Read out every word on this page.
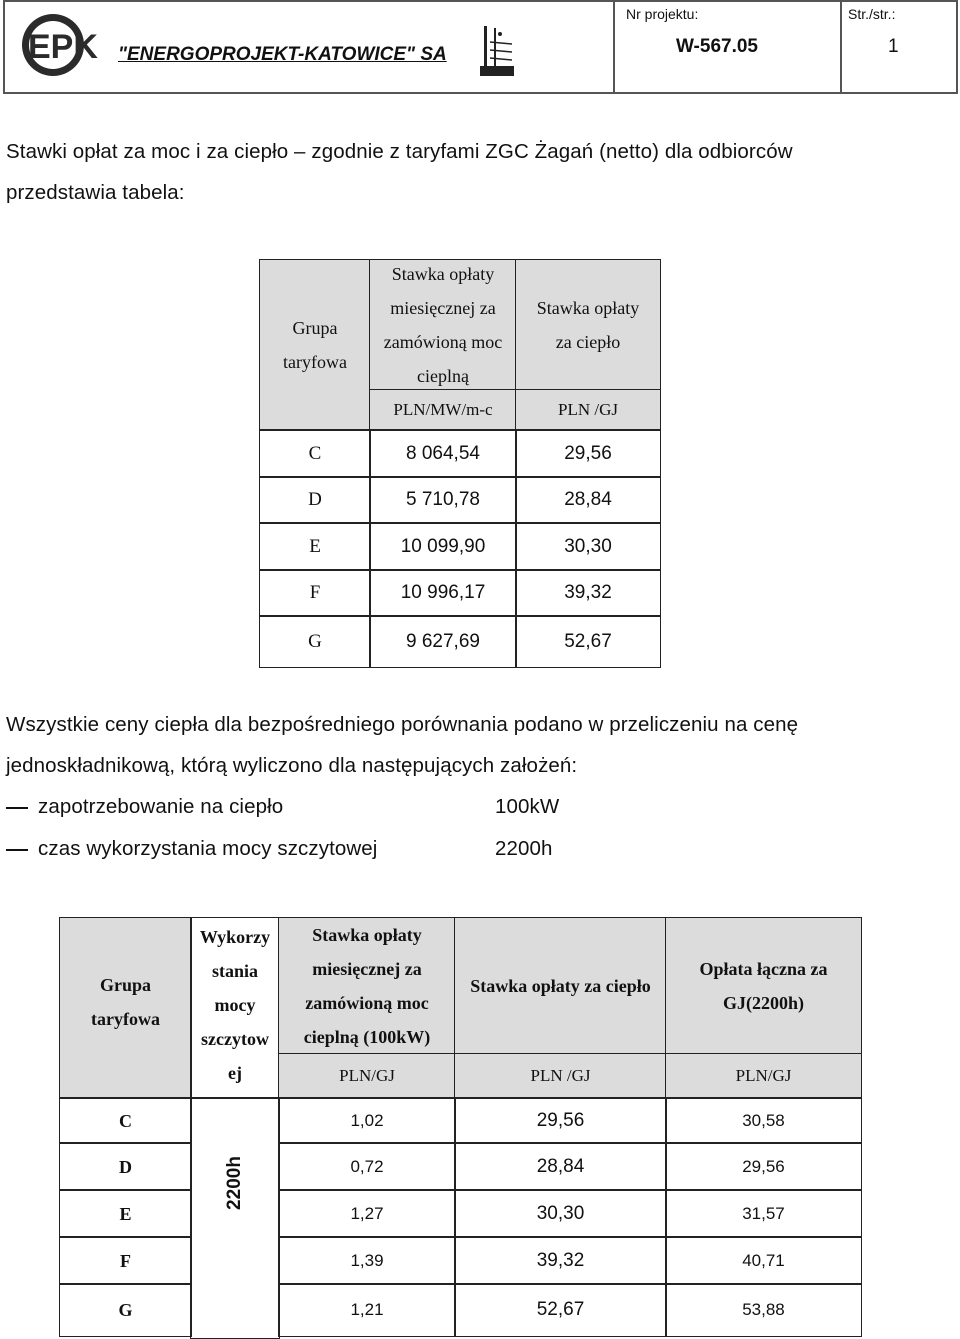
EPK "ENERGOPROJEKT-KATOWICE" SA
Nr projektu:
W-567.05
Str./str.:
1
Stawki opłat za moc i za ciepło – zgodnie z taryfami ZGC Żagań (netto) dla odbiorców
przedstawia tabela:
Grupa
taryfowa
Stawka opłaty
miesięcznej za
zamówioną moc
cieplną
Stawka opłaty
za ciepło
PLN/MW/m-c	PLN /GJ
C	8 064,54	29,56
D	5 710,78	28,84
E	10 099,90	30,30
F	10 996,17	39,32
G	9 627,69	52,67
Wszystkie ceny ciepła dla bezpośredniego porównania podano w przeliczeniu na cenę
jednoskładnikową, którą wyliczono dla następujących założeń:
zapotrzebowanie na ciepło	100kW
czas wykorzystania mocy szczytowej	2200h
Grupa
taryfowa
Wykorzy
stania
mocy
szczytow
ej
Stawka opłaty
miesięcznej za
zamówioną moc
cieplną (100kW)
Stawka opłaty za ciepło
Opłata łączna za
GJ(2200h)
PLN/GJ	PLN /GJ	PLN/GJ
2200h
C	1,02	29,56	30,58
D	0,72	28,84	29,56
E	1,27	30,30	31,57
F	1,39	39,32	40,71
G	1,21	52,67	53,88
